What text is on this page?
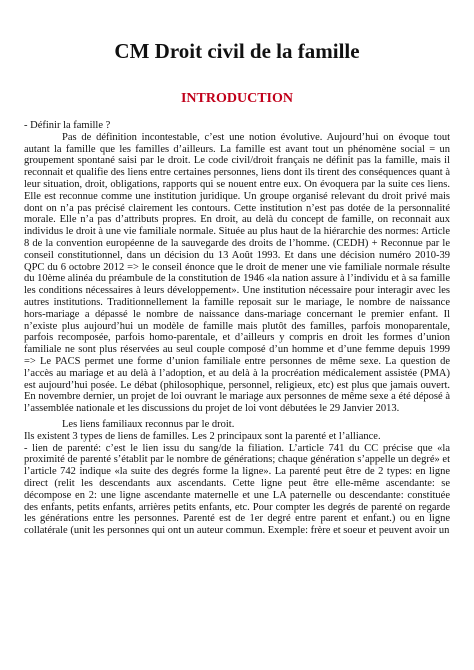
CM Droit civil de la famille
INTRODUCTION

- Définir la famille ?

Pas de définition incontestable, c’est une notion évolutive. Aujourd’hui on évoque tout autant la famille que les familles d’ailleurs. La famille est avant tout un phénomène social = un groupement spontané saisi par le droit. Le code civil/droit français ne définit pas la famille, mais il reconnait et qualifie des liens entre certaines personnes, liens dont ils tirent des conséquences quant à leur situation, droit, obligations, rapports qui se nouent entre eux. On évoquera par la suite ces liens. Elle est reconnue comme une institution juridique. Un groupe organisé relevant du droit privé mais dont on n’a pas précisé clairement les contours. Cette institution n’est pas dotée de la personnalité morale. Elle n’a pas d’attributs propres. En droit, au delà du concept de famille, on reconnait aux individus le droit à une vie familiale normale. Située au plus haut de la hiérarchie des normes: Article 8 de la convention européenne de la sauvegarde des droits de l’homme. (CEDH) + Reconnue par le conseil constitutionnel, dans un décision du 13 Août 1993. Et dans une décision numéro 2010-39 QPC du 6 octobre 2012 => le conseil énonce que le droit de mener une vie familiale normale résulte du 10ème alinéa du préambule de la constitution de 1946 «la nation assure à l’individu et à sa famille les conditions nécessaires à leurs développement». Une institution nécessaire pour interagir avec les autres institutions. Traditionnellement la famille reposait sur le mariage, le nombre de naissance hors-mariage a dépassé le nombre de naissance dans-mariage concernant le premier enfant. Il n’existe plus aujourd’hui un modèle de famille mais plutôt des familles, parfois monoparentale, parfois recomposée, parfois homo-parentale, et d’ailleurs y compris en droit les formes d’union familiale ne sont plus réservées au seul couple composé d’un homme et d’une femme depuis 1999 => Le PACS permet une forme d’union familiale entre personnes de même sexe. La question de l’accès au mariage et au delà à l’adoption, et au delà à la procréation médicalement assistée (PMA) est aujourd’hui posée. Le débat (philosophique, personnel, religieux, etc) est plus que jamais ouvert. En novembre dernier, un projet de loi ouvrant le mariage aux personnes de même sexe a été déposé à l’assemblée nationale et les discussions du projet de loi vont débutées le 29 Janvier 2013.

Les liens familiaux reconnus par le droit.

Ils existent 3 types de liens de familles. Les 2 principaux sont la parenté et l’alliance.

- lien de parenté: c’est le lien issu du sang/de la filiation. L’article 741 du CC précise que «la proximité de parenté s’établit par le nombre de générations; chaque génération s’appelle un degré» et l’article 742 indique «la suite des degrés forme la ligne». La parenté peut être de 2 types: en ligne direct (relit les descendants aux ascendants. Cette ligne peut être elle-même ascendante: se décompose en 2: une ligne ascendante maternelle et une LA paternelle ou descendante: constituée des enfants, petits enfants, arrières petits enfants, etc. Pour compter les degrés de parenté on regarde les générations entre les personnes. Parenté est de 1er degré entre parent et enfant.) ou en ligne collatérale (unit les personnes qui ont un auteur commun. Exemple: frère et soeur et peuvent avoir un
